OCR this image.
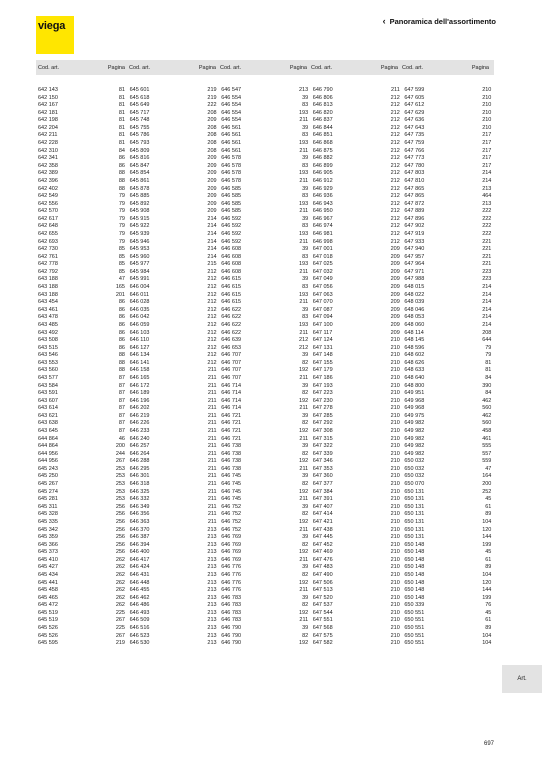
viega	‹ Panoramica dell'assortimento
Cod. art.	Pagina Cod. art.	Pagina Cod. art.	Pagina Cod. art.	Pagina Cod. art.	Pagina
642 143	81
642 150	81
642 167	81
642 181	81
642 198	81
642 204	81
642 211	81
642 228	81
642 310	84
642 341	86
642 358	86
642 389	88
642 396	88
642 402	88
642 549	79
642 556	79
642 570	79
642 617	79
642 648	79
642 655	79
642 693	79
642 730	85
642 761	85
642 778	85
642 792	85
643 188	47
643 188	165
643 188	201
643 454	86
643 461	86
643 478	86
643 485	86
643 492	86
643 508	86
643 515	86
643 546	88
643 553	88
643 560	88
643 577	87
643 584	87
643 591	87
643 607	87
643 614	87
643 621	87
643 638	87
643 645	87
644 864	46
644 864	200
644 956	244
644 956	267
645 243	253
645 250	253
645 267	253
645 274	253
645 281	253
645 311	256
645 328	256
645 335	256
645 342	256
645 359	256
645 366	256
645 373	256
645 410	262
645 427	262
645 434	262
645 441	262
645 458	262
645 465	262
645 472	262
645 519	225
645 519	267
645 526	225
645 526	267
645 595	219
645 601	219
645 618	219
645 649	222
645 717	208
645 748	209
645 755	208
645 786	208
645 793	208
645 809	208
645 816	209
645 847	209
645 854	209
645 861	209
645 878	209
645 885	209
645 892	209
645 908	209
645 915	214
645 922	214
645 939	214
645 946	214
645 953	214
645 960	214
645 977	215
645 984	212
645 991	212
646 004	212
646 011	212
646 028	212
646 035	212
646 042	212
646 059	212
646 103	212
646 110	212
646 127	212
646 134	212
646 141	212
646 158	211
646 165	211
646 172	211
646 189	211
646 196	211
646 202	211
646 219	211
646 226	211
646 233	211
646 240	211
646 257	211
646 264	211
646 288	211
646 295	211
646 301	211
646 318	211
646 325	211
646 332	211
646 349	211
646 356	211
646 363	211
646 370	213
646 387	213
646 394	213
646 400	213
646 417	213
646 424	213
646 431	213
646 448	213
646 455	213
646 462	213
646 486	213
646 493	213
646 509	213
646 516	213
646 523	213
646 530	213
646 547	213
646 554	39
646 554	83
646 554	193
646 554	211
646 561	39
646 561	83
646 561	193
646 561	211
646 578	39
646 578	83
646 578	193
646 578	211
646 585	39
646 585	83
646 585	193
646 585	211
646 592	39
646 592	83
646 592	193
646 592	211
646 608	39
646 608	83
646 608	193
646 608	211
646 615	39
646 615	83
646 615	193
646 615	211
646 622	39
646 622	83
646 622	193
646 622	211
646 639	212
646 653	212
646 707	39
646 707	82
646 707	192
646 707	211
646 714	39
646 714	82
646 714	192
646 714	211
646 721	39
646 721	82
646 721	192
646 721	211
646 738	39
646 738	82
646 738	192
646 738	211
646 745	39
646 745	82
646 745	192
646 745	211
646 752	39
646 752	82
646 752	192
646 752	211
646 769	39
646 769	82
646 769	192
646 769	211
646 776	39
646 776	82
646 776	192
646 776	211
646 783	39
646 783	82
646 783	192
646 783	211
646 790	39
646 790	82
646 790	192
646 790	211
646 806	212
646 813	212
646 820	212
646 837	212
646 844	212
646 851	212
646 868	212
646 875	212
646 882	212
646 899	212
646 905	212
646 912	212
646 929	212
646 936	212
646 943	212
646 950	212
646 967	212
646 974	212
646 981	212
646 998	212
647 001	209
647 018	209
647 025	209
647 032	209
647 049	209
647 056	209
647 063	209
647 070	209
647 087	209
647 094	209
647 100	209
647 117	209
647 124	210
647 131	210
647 148	210
647 155	210
647 179	210
647 186	210
647 193	210
647 223	210
647 230	210
647 278	210
647 285	210
647 292	210
647 308	210
647 315	210
647 322	210
647 339	210
647 346	210
647 353	210
647 360	210
647 377	210
647 384	210
647 391	210
647 407	210
647 414	210
647 421	210
647 438	210
647 445	210
647 452	210
647 469	210
647 476	210
647 483	210
647 490	210
647 506	210
647 513	210
647 520	210
647 537	210
647 544	210
647 551	210
647 568	210
647 575	210
647 582	210
647 599	210
647 605	210
647 612	210
647 629	210
647 636	210
647 643	210
647 735	217
647 759	217
647 766	217
647 773	217
647 780	217
647 803	214
647 810	214
647 865	213
647 865	464
647 872	213
647 889	222
647 896	222
647 902	222
647 919	222
647 933	221
647 940	221
647 957	221
647 964	221
647 971	223
647 988	223
648 015	214
648 022	214
648 039	214
648 046	214
648 053	214
648 060	214
648 114	208
648 145	644
648 596	79
648 602	79
648 626	81
648 633	81
648 640	84
648 800	390
649 951	84
649 968	462
649 968	560
649 975	462
649 982	560
649 982	458
649 982	461
649 982	555
649 982	557
650 032	559
650 032	47
650 032	164
650 070	200
650 131	252
650 131	45
650 131	61
650 131	89
650 131	104
650 131	120
650 131	144
650 148	199
650 148	45
650 148	61
650 148	89
650 148	104
650 148	120
650 148	144
650 148	199
650 339	76
650 551	45
650 551	61
650 551	89
650 551	104
650 551	104
Art.
697
